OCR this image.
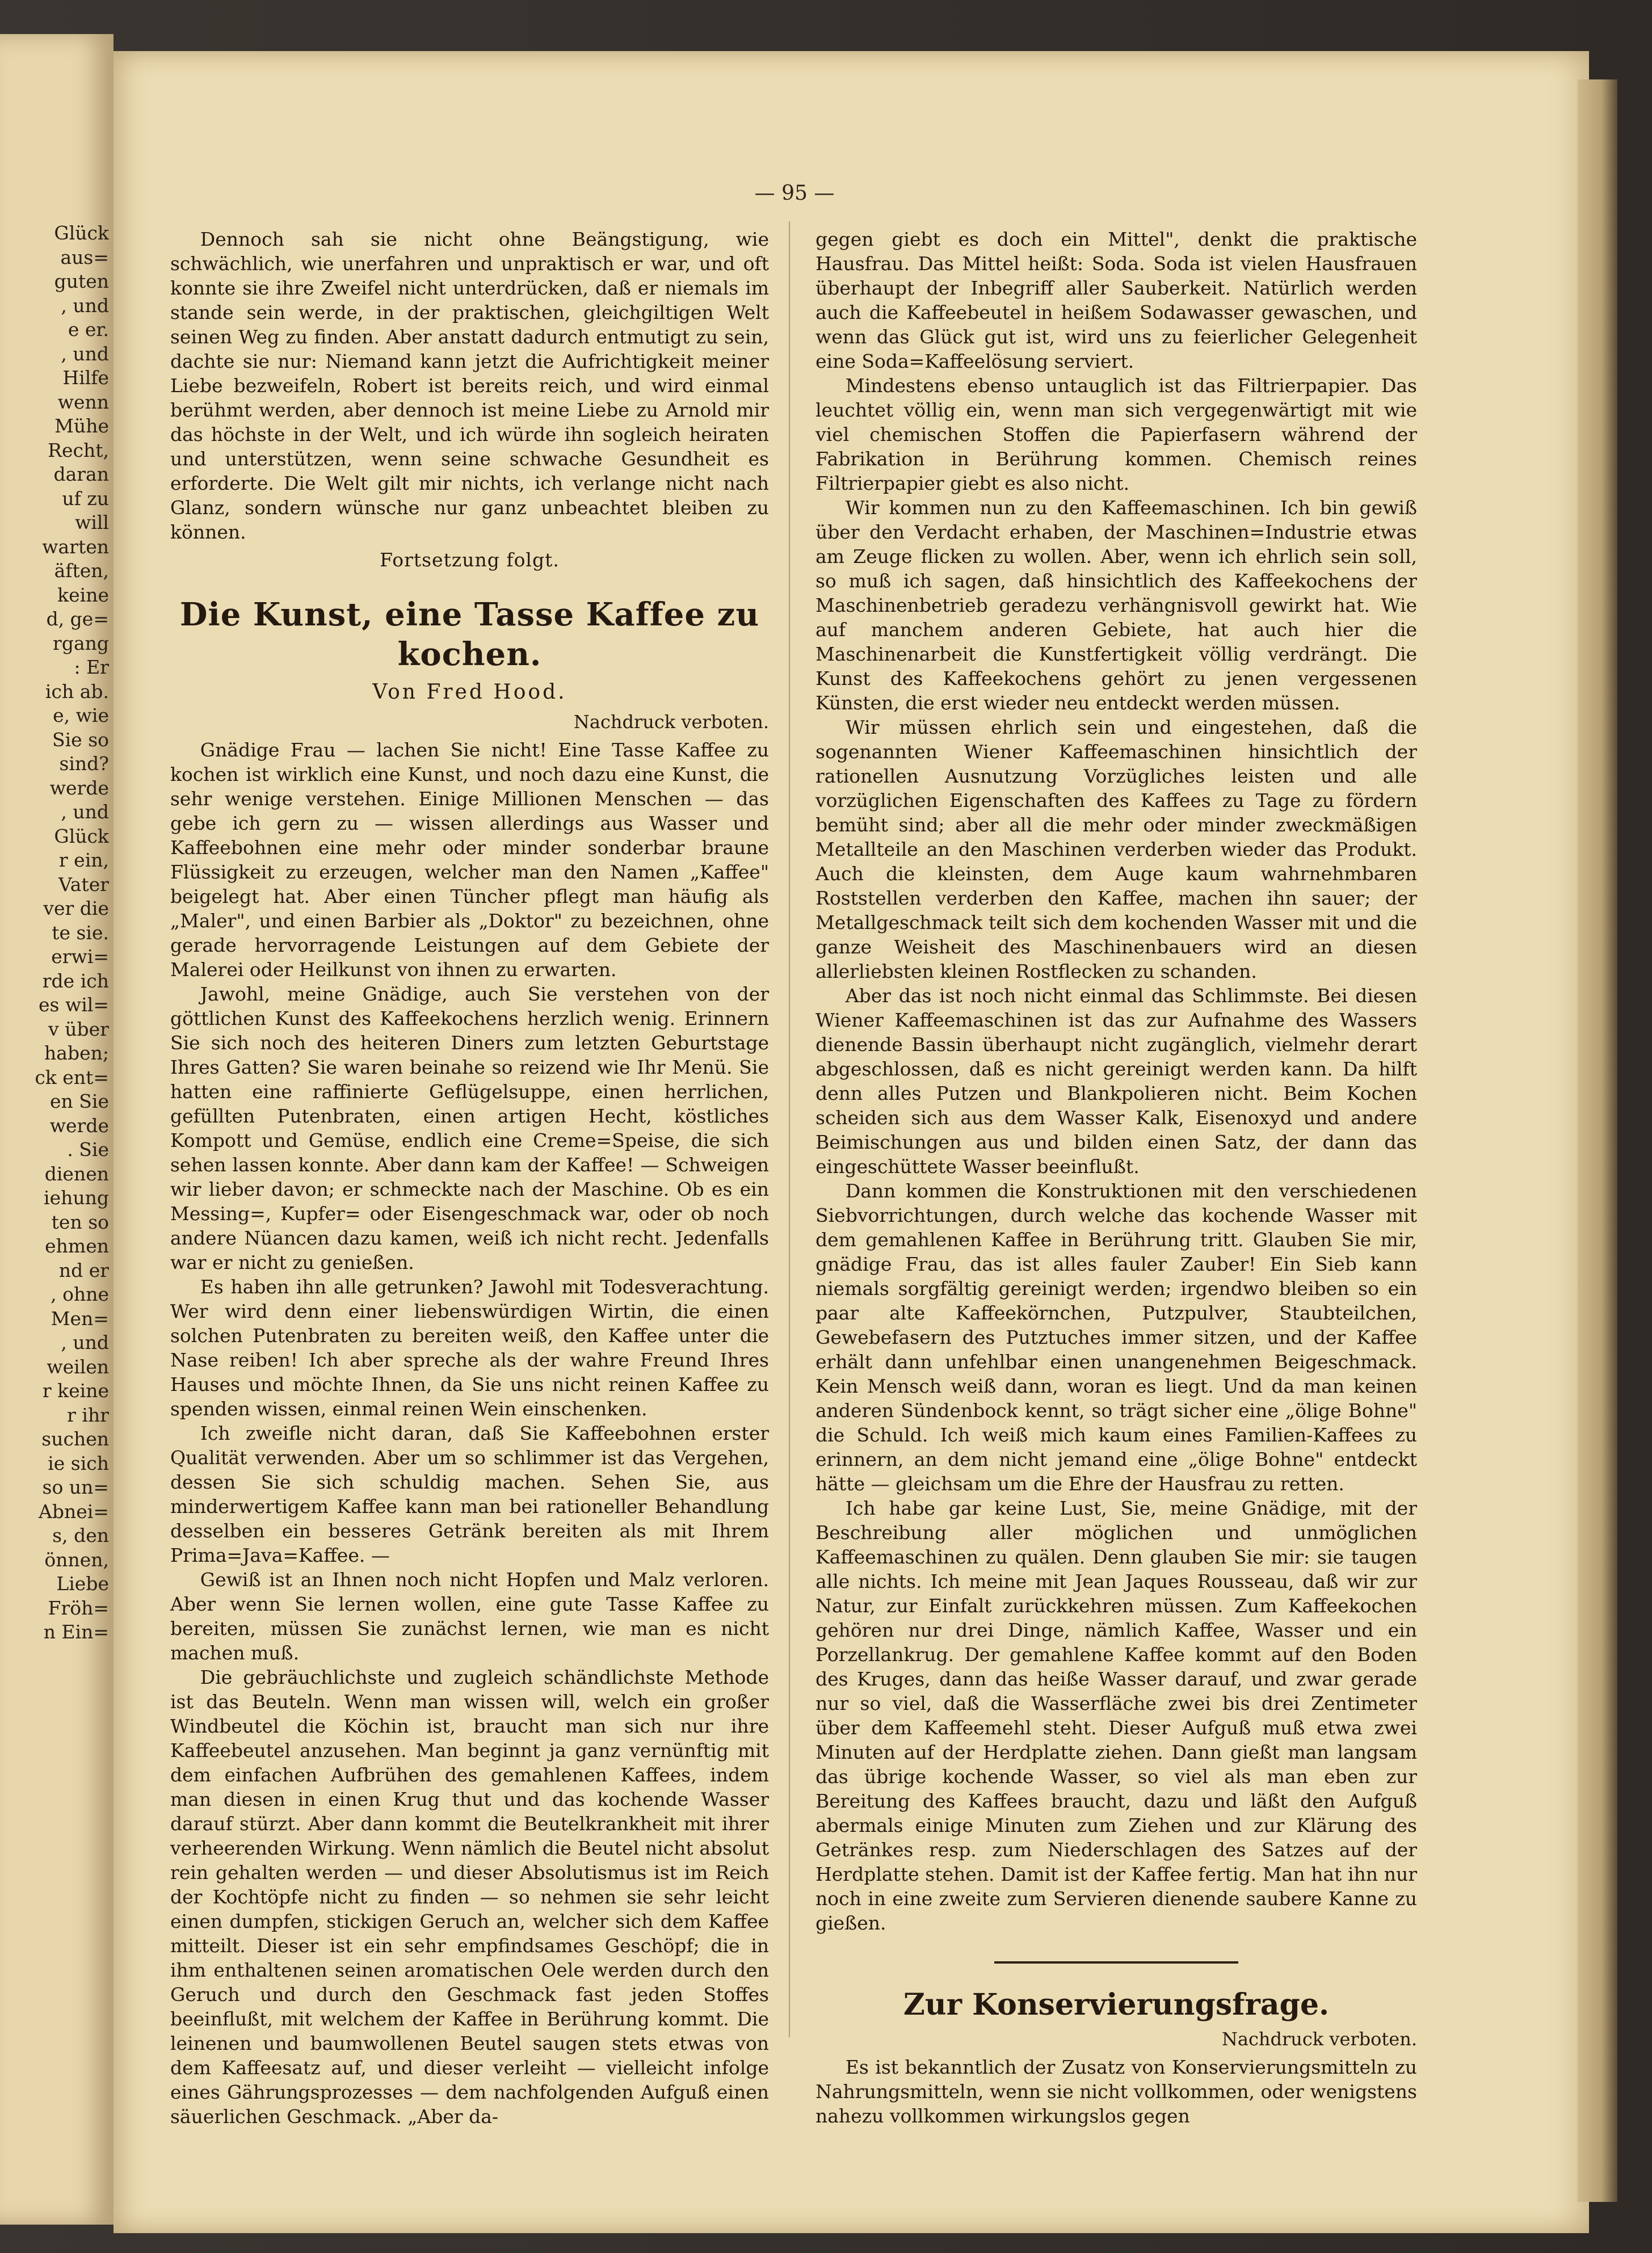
Glück
aus=
guten
, und
e er.
, und
Hilfe
wenn
Mühe
Recht,
daran
uf zu
will
warten
äften,
keine
d, ge=
rgang
: Er
ich ab.
e, wie
Sie so
sind?
werde
, und
Glück
r ein,
Vater
ver die
te sie.
erwi=
rde ich
es wil=
v über
haben;
ck ent=
en Sie
werde
. Sie
dienen
iehung
ten so
ehmen
nd er
, ohne
Men=
, und
weilen
r keine
r ihr
suchen
ie sich
so un=
Abnei=
s, den
önnen,
Liebe
Fröh=
n Ein=
— 95 —

Dennoch sah sie nicht ohne Beängstigung, wie schwächlich, wie unerfahren und unpraktisch er war, und oft konnte sie ihre Zweifel nicht unterdrücken, daß er niemals im stande sein werde, in der praktischen, gleichgiltigen Welt seinen Weg zu finden. Aber anstatt dadurch entmutigt zu sein, dachte sie nur: Niemand kann jetzt die Aufrichtigkeit meiner Liebe bezweifeln, Robert ist bereits reich, und wird einmal berühmt werden, aber dennoch ist meine Liebe zu Arnold mir das höchste in der Welt, und ich würde ihn sogleich heiraten und unterstützen, wenn seine schwache Gesundheit es erforderte. Die Welt gilt mir nichts, ich verlange nicht nach Glanz, sondern wünsche nur ganz unbeachtet bleiben zu können.

Fortsetzung folgt.
Die Kunst, eine Tasse Kaffee zu kochen.
Von Fred Hood.
Nachdruck verboten.

Gnädige Frau — lachen Sie nicht! Eine Tasse Kaffee zu kochen ist wirklich eine Kunst, und noch dazu eine Kunst, die sehr wenige verstehen. Einige Millionen Menschen — das gebe ich gern zu — wissen allerdings aus Wasser und Kaffeebohnen eine mehr oder minder sonderbar braune Flüssigkeit zu erzeugen, welcher man den Namen „Kaffee" beigelegt hat. Aber einen Tüncher pflegt man häufig als „Maler", und einen Barbier als „Doktor" zu bezeichnen, ohne gerade hervorragende Leistungen auf dem Gebiete der Malerei oder Heilkunst von ihnen zu erwarten.

Jawohl, meine Gnädige, auch Sie verstehen von der göttlichen Kunst des Kaffeekochens herzlich wenig. Erinnern Sie sich noch des heiteren Diners zum letzten Geburtstage Ihres Gatten? Sie waren beinahe so reizend wie Ihr Menü. Sie hatten eine raffinierte Geflügelsuppe, einen herrlichen, gefüllten Putenbraten, einen artigen Hecht, köstliches Kompott und Gemüse, endlich eine Creme=Speise, die sich sehen lassen konnte. Aber dann kam der Kaffee! — Schweigen wir lieber davon; er schmeckte nach der Maschine. Ob es ein Messing=, Kupfer= oder Eisengeschmack war, oder ob noch andere Nüancen dazu kamen, weiß ich nicht recht. Jedenfalls war er nicht zu genießen.

Es haben ihn alle getrunken? Jawohl mit Todesverachtung. Wer wird denn einer liebenswürdigen Wirtin, die einen solchen Putenbraten zu bereiten weiß, den Kaffee unter die Nase reiben! Ich aber spreche als der wahre Freund Ihres Hauses und möchte Ihnen, da Sie uns nicht reinen Kaffee zu spenden wissen, einmal reinen Wein einschenken.

Ich zweifle nicht daran, daß Sie Kaffeebohnen erster Qualität verwenden. Aber um so schlimmer ist das Vergehen, dessen Sie sich schuldig machen. Sehen Sie, aus minderwertigem Kaffee kann man bei rationeller Behandlung desselben ein besseres Getränk bereiten als mit Ihrem Prima=Java=Kaffee. —

Gewiß ist an Ihnen noch nicht Hopfen und Malz verloren. Aber wenn Sie lernen wollen, eine gute Tasse Kaffee zu bereiten, müssen Sie zunächst lernen, wie man es nicht machen muß.

Die gebräuchlichste und zugleich schändlichste Methode ist das Beuteln. Wenn man wissen will, welch ein großer Windbeutel die Köchin ist, braucht man sich nur ihre Kaffeebeutel anzusehen. Man beginnt ja ganz vernünftig mit dem einfachen Aufbrühen des gemahlenen Kaffees, indem man diesen in einen Krug thut und das kochende Wasser darauf stürzt. Aber dann kommt die Beutelkrankheit mit ihrer verheerenden Wirkung. Wenn nämlich die Beutel nicht absolut rein gehalten werden — und dieser Absolutismus ist im Reich der Kochtöpfe nicht zu finden — so nehmen sie sehr leicht einen dumpfen, stickigen Geruch an, welcher sich dem Kaffee mitteilt. Dieser ist ein sehr empfindsames Geschöpf; die in ihm enthaltenen seinen aromatischen Oele werden durch den Geruch und durch den Geschmack fast jeden Stoffes beeinflußt, mit welchem der Kaffee in Berührung kommt. Die leinenen und baumwollenen Beutel saugen stets etwas von dem Kaffeesatz auf, und dieser verleiht — vielleicht infolge eines Gährungsprozesses — dem nachfolgenden Aufguß einen säuerlichen Geschmack. „Aber da-

gegen giebt es doch ein Mittel", denkt die praktische Hausfrau. Das Mittel heißt: Soda. Soda ist vielen Hausfrauen überhaupt der Inbegriff aller Sauberkeit. Natürlich werden auch die Kaffeebeutel in heißem Sodawasser gewaschen, und wenn das Glück gut ist, wird uns zu feierlicher Gelegenheit eine Soda=Kaffeelösung serviert.

Mindestens ebenso untauglich ist das Filtrierpapier. Das leuchtet völlig ein, wenn man sich vergegenwärtigt mit wie viel chemischen Stoffen die Papierfasern während der Fabrikation in Berührung kommen. Chemisch reines Filtrierpapier giebt es also nicht.

Wir kommen nun zu den Kaffeemaschinen. Ich bin gewiß über den Verdacht erhaben, der Maschinen=Industrie etwas am Zeuge flicken zu wollen. Aber, wenn ich ehrlich sein soll, so muß ich sagen, daß hinsichtlich des Kaffeekochens der Maschinenbetrieb geradezu verhängnisvoll gewirkt hat. Wie auf manchem anderen Gebiete, hat auch hier die Maschinenarbeit die Kunstfertigkeit völlig verdrängt. Die Kunst des Kaffeekochens gehört zu jenen vergessenen Künsten, die erst wieder neu entdeckt werden müssen.

Wir müssen ehrlich sein und eingestehen, daß die sogenannten Wiener Kaffeemaschinen hinsichtlich der rationellen Ausnutzung Vorzügliches leisten und alle vorzüglichen Eigenschaften des Kaffees zu Tage zu fördern bemüht sind; aber all die mehr oder minder zweckmäßigen Metallteile an den Maschinen verderben wieder das Produkt. Auch die kleinsten, dem Auge kaum wahrnehmbaren Roststellen verderben den Kaffee, machen ihn sauer; der Metallgeschmack teilt sich dem kochenden Wasser mit und die ganze Weisheit des Maschinenbauers wird an diesen allerliebsten kleinen Rostflecken zu schanden.

Aber das ist noch nicht einmal das Schlimmste. Bei diesen Wiener Kaffeemaschinen ist das zur Aufnahme des Wassers dienende Bassin überhaupt nicht zugänglich, vielmehr derart abgeschlossen, daß es nicht gereinigt werden kann. Da hilft denn alles Putzen und Blankpolieren nicht. Beim Kochen scheiden sich aus dem Wasser Kalk, Eisenoxyd und andere Beimischungen aus und bilden einen Satz, der dann das eingeschüttete Wasser beeinflußt.

Dann kommen die Konstruktionen mit den verschiedenen Siebvorrichtungen, durch welche das kochende Wasser mit dem gemahlenen Kaffee in Berührung tritt. Glauben Sie mir, gnädige Frau, das ist alles fauler Zauber! Ein Sieb kann niemals sorgfältig gereinigt werden; irgendwo bleiben so ein paar alte Kaffeekörnchen, Putzpulver, Staubteilchen, Gewebefasern des Putztuches immer sitzen, und der Kaffee erhält dann unfehlbar einen unangenehmen Beigeschmack. Kein Mensch weiß dann, woran es liegt. Und da man keinen anderen Sündenbock kennt, so trägt sicher eine „ölige Bohne" die Schuld. Ich weiß mich kaum eines Familien-Kaffees zu erinnern, an dem nicht jemand eine „ölige Bohne" entdeckt hätte — gleichsam um die Ehre der Hausfrau zu retten.

Ich habe gar keine Lust, Sie, meine Gnädige, mit der Beschreibung aller möglichen und unmöglichen Kaffeemaschinen zu quälen. Denn glauben Sie mir: sie taugen alle nichts. Ich meine mit Jean Jaques Rousseau, daß wir zur Natur, zur Einfalt zurückkehren müssen. Zum Kaffeekochen gehören nur drei Dinge, nämlich Kaffee, Wasser und ein Porzellankrug. Der gemahlene Kaffee kommt auf den Boden des Kruges, dann das heiße Wasser darauf, und zwar gerade nur so viel, daß die Wasserfläche zwei bis drei Zentimeter über dem Kaffeemehl steht. Dieser Aufguß muß etwa zwei Minuten auf der Herdplatte ziehen. Dann gießt man langsam das übrige kochende Wasser, so viel als man eben zur Bereitung des Kaffees braucht, dazu und läßt den Aufguß abermals einige Minuten zum Ziehen und zur Klärung des Getränkes resp. zum Niederschlagen des Satzes auf der Herdplatte stehen. Damit ist der Kaffee fertig. Man hat ihn nur noch in eine zweite zum Servieren dienende saubere Kanne zu gießen.

Zur Konservierungsfrage.
Nachdruck verboten.

Es ist bekanntlich der Zusatz von Konservierungsmitteln zu Nahrungsmitteln, wenn sie nicht vollkommen, oder wenigstens nahezu vollkommen wirkungslos gegen
